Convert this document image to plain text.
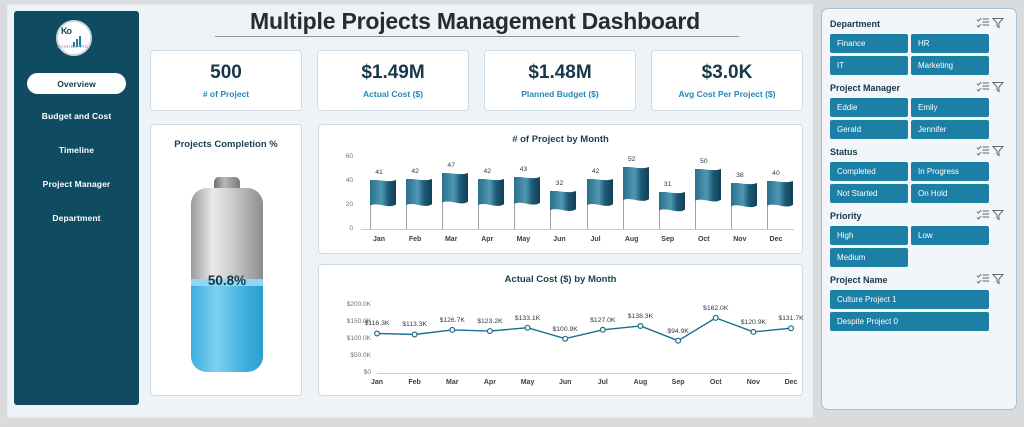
Ko
DASHBOARD
Overview
Budget and Cost
Timeline
Project Manager
Department
Multiple Projects Management Dashboard
500
# of Project
$1.49M
Actual Cost ($)
$1.48M
Planned Budget ($)
$3.0K
Avg Cost Per Project ($)
Projects Completion %
50.8%
# of Project by Month
60
40
20
0
41
Jan
42
Feb
47
Mar
42
Apr
43
May
32
Jun
42
Jul
52
Aug
31
Sep
50
Oct
38
Nov
40
Dec
Actual Cost ($) by Month
$200.0K
$150.0K
$100.0K
$50.0K
$0
$116.3K
Jan
$113.3K
Feb
$126.7K
Mar
$123.2K
Apr
$133.1K
May
$100.9K
Jun
$127.0K
Jul
$138.3K
Aug
$94.9K
Sep
$162.0K
Oct
$120.9K
Nov
$131.7K
Dec
Department
Finance	HR
IT	Marketing
Project Manager
Eddie	Emily
Gerald	Jennifer
Status
Completed	In Progress
Not Started	On Hold
Priority
High	Low
Medium
Project Name
Culture Project 1
Despite Project 0
